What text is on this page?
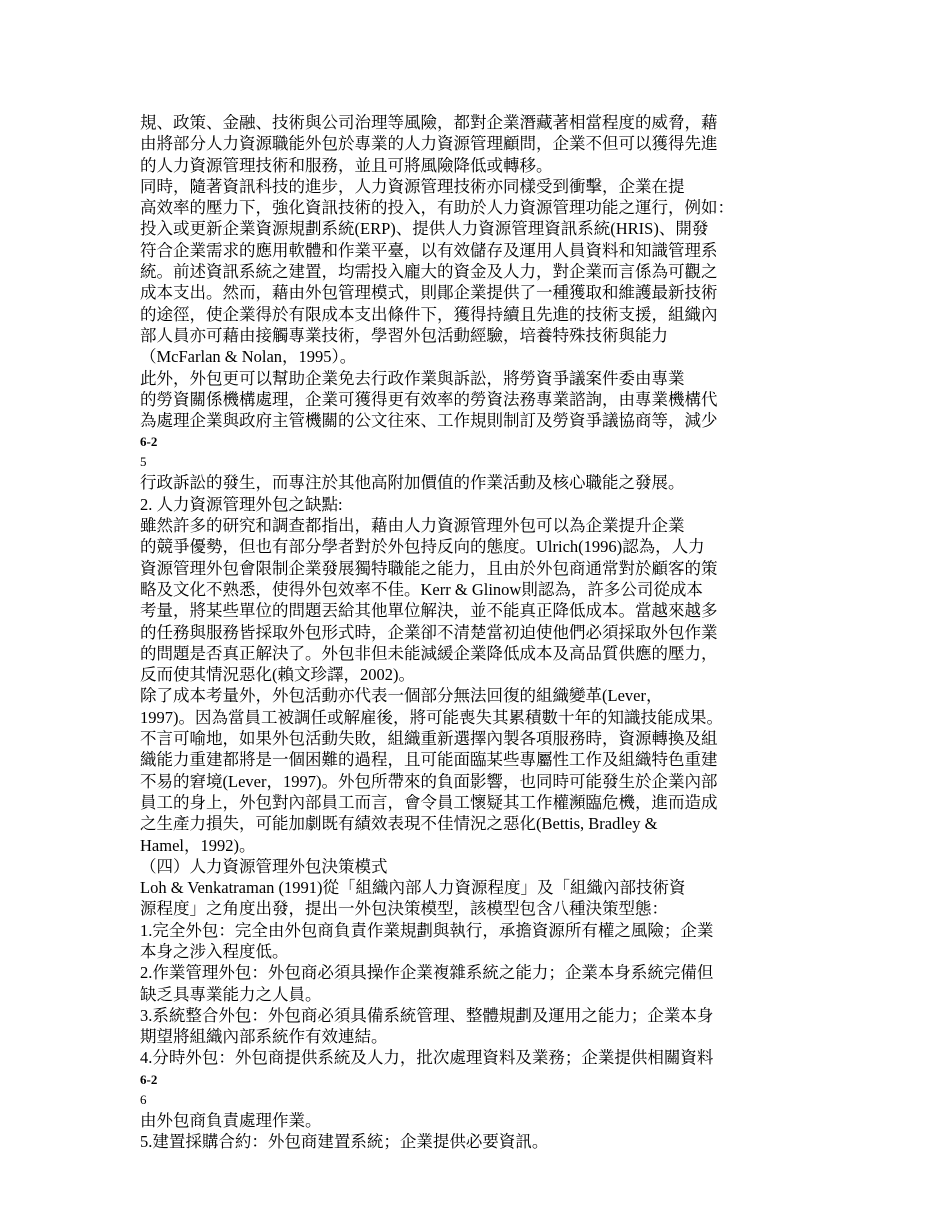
規、政策、金融、技術與公司治理等風險，都對企業潛藏著相當程度的威脅，藉
由將部分人力資源職能外包於專業的人力資源管理顧問，企業不但可以獲得先進
的人力資源管理技術和服務，並且可將風險降低或轉移。
同時，隨著資訊科技的進步，人力資源管理技術亦同樣受到衝擊，企業在提
高效率的壓力下，強化資訊技術的投入，有助於人力資源管理功能之運行，例如：
投入或更新企業資源規劃系統(ERP)、提供人力資源管理資訊系統(HRIS)、開發
符合企業需求的應用軟體和作業平臺，以有效儲存及運用人員資料和知識管理系
統。前述資訊系統之建置，均需投入龐大的資金及人力，對企業而言係為可觀之
成本支出。然而，藉由外包管理模式，則鄖企業提供了一種獲取和維護最新技術
的途徑，使企業得於有限成本支出條件下，獲得持續且先進的技術支援，組織內
部人員亦可藉由接觸專業技術，學習外包活動經驗，培養特殊技術與能力
（McFarlan & Nolan，1995）。
此外，外包更可以幫助企業免去行政作業與訴訟，將勞資爭議案件委由專業
的勞資關係機構處理，企業可獲得更有效率的勞資法務專業諮詢，由專業機構代
為處理企業與政府主管機關的公文往來、工作規則制訂及勞資爭議協商等，減少
6-2
5
行政訴訟的發生，而專注於其他高附加價值的作業活動及核心職能之發展。
2. 人力資源管理外包之缺點:
雖然許多的研究和調查都指出，藉由人力資源管理外包可以為企業提升企業
的競爭優勢，但也有部分學者對於外包持反向的態度。Ulrich(1996)認為，人力
資源管理外包會限制企業發展獨特職能之能力，且由於外包商通常對於顧客的策
略及文化不熟悉，使得外包效率不佳。Kerr & Glinow則認為，許多公司從成本
考量，將某些單位的問題丟給其他單位解決，並不能真正降低成本。當越來越多
的任務與服務皆採取外包形式時，企業卻不清楚當初迫使他們必須採取外包作業
的問題是否真正解決了。外包非但未能減緩企業降低成本及高品質供應的壓力，
反而使其情況惡化(賴文珍譯，2002)。
除了成本考量外，外包活動亦代表一個部分無法回復的組織變革(Lever，
1997)。因為當員工被調任或解雇後，將可能喪失其累積數十年的知識技能成果。
不言可喻地，如果外包活動失敗，組織重新選擇內製各項服務時，資源轉換及組
織能力重建都將是一個困難的過程，且可能面臨某些專屬性工作及組織特色重建
不易的窘境(Lever，1997)。外包所帶來的負面影響，也同時可能發生於企業內部
員工的身上，外包對內部員工而言，會令員工懷疑其工作權瀕臨危機，進而造成
之生產力損失，可能加劇既有績效表現不佳情況之惡化(Bettis, Bradley &
Hamel，1992)。
（四）人力資源管理外包決策模式
Loh & Venkatraman (1991)從「組織內部人力資源程度」及「組織內部技術資
源程度」之角度出發，提出一外包決策模型，該模型包含八種決策型態：
1.完全外包：完全由外包商負責作業規劃與執行，承擔資源所有權之風險；企業
本身之涉入程度低。
2.作業管理外包：外包商必須具操作企業複雜系統之能力；企業本身系統完備但
缺乏具專業能力之人員。
3.系統整合外包：外包商必須具備系統管理、整體規劃及運用之能力；企業本身
期望將組織內部系統作有效連結。
4.分時外包：外包商提供系統及人力，批次處理資料及業務；企業提供相關資料
6-2
6
由外包商負責處理作業。
5.建置採購合約：外包商建置系統；企業提供必要資訊。
